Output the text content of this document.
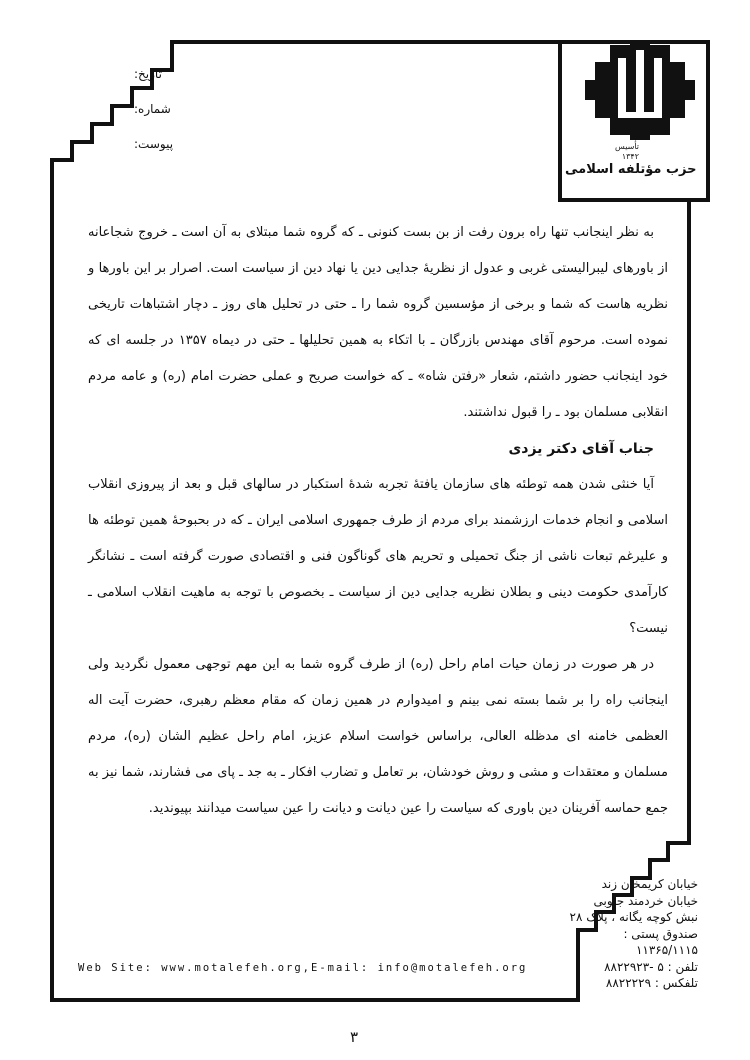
تاریخ:
شماره:
پیوست:	تأسیس
۱۳۴۲
حزب مؤتلفه اسلامی

به نظر اینجانب تنها راه برون رفت از بن بست کنونی ـ که گروه شما مبتلای به آن است ـ خروج شجاعانه از باورهای لیبرالیستی غربی و عدول از نظریهٔ جدایی دین یا نهاد دین از سیاست است. اصرار بر این باورها و نظریه هاست که شما و برخی از مؤسسین گروه شما را ـ حتی در تحلیل های روز ـ دچار اشتباهات تاریخی نموده است. مرحوم آقای مهندس بازرگان ـ با اتکاء به همین تحلیلها ـ حتی در دیماه ۱۳۵۷ در جلسه ای که خود اینجانب حضور داشتم، شعار «رفتن شاه» ـ که خواست صریح و عملی حضرت امام (ره) و عامه مردم انقلابی مسلمان بود ـ را قبول نداشتند.

جناب آقای دکتر یزدی

آیا خنثی شدن همه توطئه های سازمان یافتهٔ تجربه شدهٔ استکبار در سالهای قبل و بعد از پیروزی انقلاب اسلامی و انجام خدمات ارزشمند برای مردم از طرف جمهوری اسلامی ایران ـ که در بحبوحهٔ همین توطئه ها و علیرغم تبعات ناشی از جنگ تحمیلی و تحریم های گوناگون فنی و اقتصادی صورت گرفته است ـ نشانگر کارآمدی حکومت دینی و بطلان نظریه جدایی دین از سیاست ـ بخصوص با توجه به ماهیت انقلاب اسلامی ـ نیست؟

در هر صورت در زمان حیات امام راحل (ره) از طرف گروه شما به این مهم توجهی معمول نگردید ولی اینجانب راه را بر شما بسته نمی بینم و امیدوارم در همین زمان که مقام معظم رهبری، حضرت آیت اله العظمی خامنه ای مدظله العالی، براساس خواست اسلام عزیز، امام راحل عظیم الشان (ره)، مردم مسلمان و معتقدات و مشی و روش خودشان، بر تعامل و تضارب افکار ـ به جد ـ پای می فشارند، شما نیز به جمع حماسه آفرینان دین باوری که سیاست را عین دیانت و دیانت را عین سیاست میدانند بپیوندید.

خیابان کریمخان زند
خیابان خردمند جنوبی
نبش کوچه یگانه ، پلاک ۲۸
صندوق پستی :
۱۱۳۶۵/۱۱۱۵
تلفن : ۵ -۸۸۲۲۹۲۳
تلفکس : ۸۸۲۲۲۲۹
Web Site: www.motalefeh.org,E-mail: info@motalefeh.org
۳
